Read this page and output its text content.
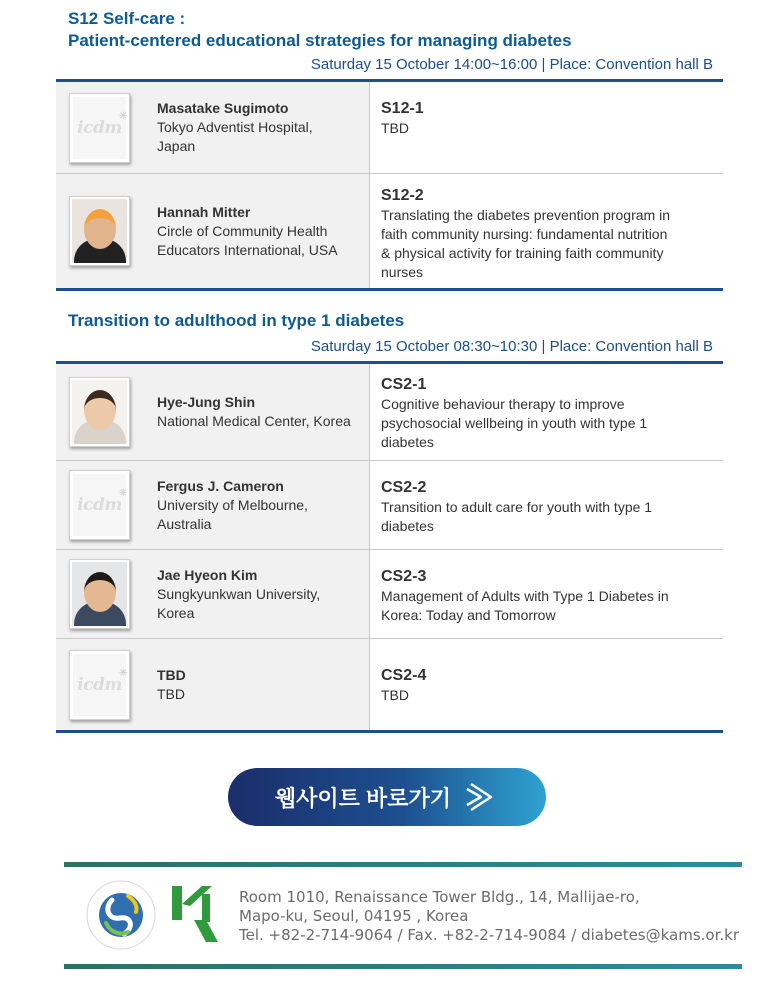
S12 Self-care :
Patient-centered educational strategies for managing diabetes
Saturday 15 October 14:00~16:00 | Place: Convention hall B
icdm
✳ Masatake Sugimoto
Tokyo Adventist Hospital,
Japan
S12-1
TBD
Hannah Mitter
Circle of Community Health
Educators International, USA
S12-2
Translating the diabetes prevention program in
faith community nursing: fundamental nutrition
& physical activity for training faith community
nurses
Transition to adulthood in type 1 diabetes
Saturday 15 October 08:30~10:30 | Place: Convention hall B
Hye-Jung Shin
National Medical Center, Korea
CS2-1
Cognitive behaviour therapy to improve
psychosocial wellbeing in youth with type 1
diabetes
icdm
✳ Fergus J. Cameron
University of Melbourne,
Australia
CS2-2
Transition to adult care for youth with type 1
diabetes
Jae Hyeon Kim
Sungkyunkwan University,
Korea
CS2-3
Management of Adults with Type 1 Diabetes in
Korea: Today and Tomorrow
icdm
✳ TBD
TBD
CS2-4
TBD
웹사이트 바로가기
Room 1010, Renaissance Tower Bldg., 14, Mallijae-ro,
Mapo-ku, Seoul, 04195 , Korea
Tel. +82-2-714-9064 / Fax. +82-2-714-9084 / diabetes@kams.or.kr
